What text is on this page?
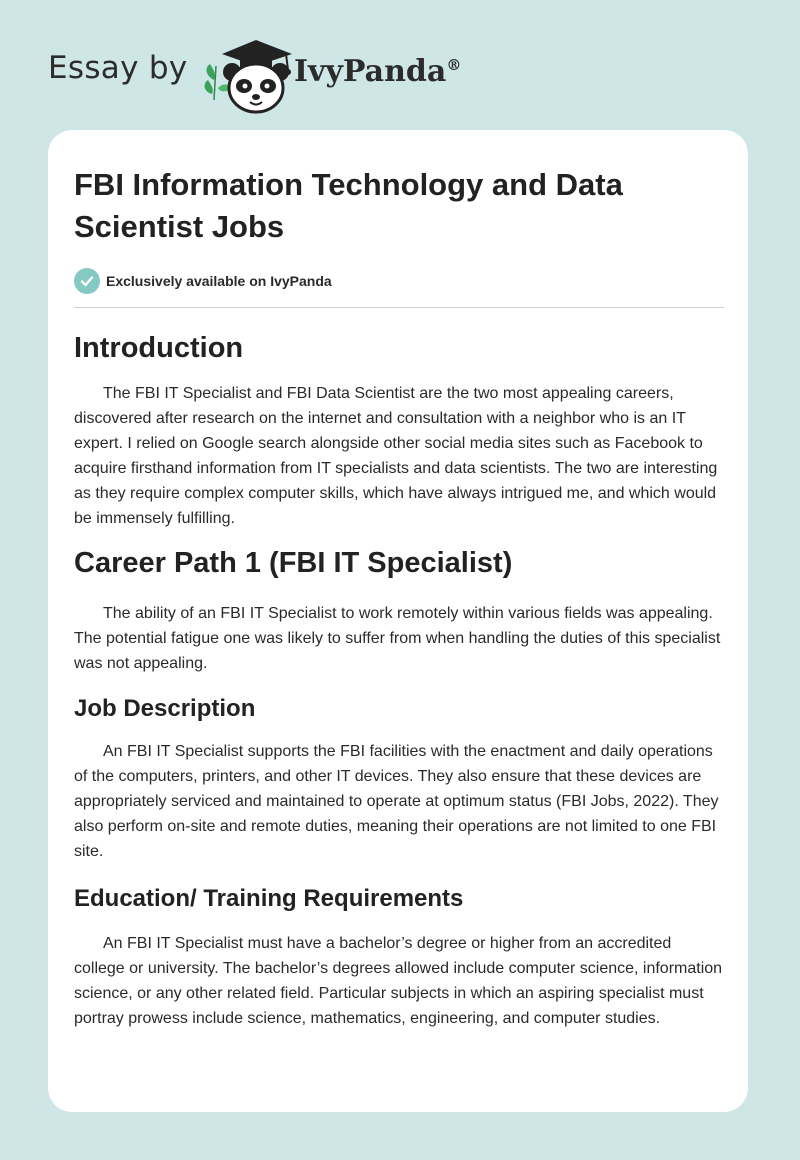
Essay by	IvyPanda®
FBI Information Technology and Data Scientist Jobs
Exclusively available on IvyPanda
Introduction

The FBI IT Specialist and FBI Data Scientist are the two most appealing careers, discovered after research on the internet and consultation with a neighbor who is an IT expert. I relied on Google search alongside other social media sites such as Facebook to acquire firsthand information from IT specialists and data scientists. The two are interesting as they require complex computer skills, which have always intrigued me, and which would be immensely fulfilling.

Career Path 1 (FBI IT Specialist)

The ability of an FBI IT Specialist to work remotely within various fields was appealing. The potential fatigue one was likely to suffer from when handling the duties of this specialist was not appealing.

Job Description

An FBI IT Specialist supports the FBI facilities with the enactment and daily operations of the computers, printers, and other IT devices. They also ensure that these devices are appropriately serviced and maintained to operate at optimum status (FBI Jobs, 2022). They also perform on-site and remote duties, meaning their operations are not limited to one FBI site.

Education/ Training Requirements

An FBI IT Specialist must have a bachelor’s degree or higher from an accredited college or university. The bachelor’s degrees allowed include computer science, information science, or any other related field. Particular subjects in which an aspiring specialist must portray prowess include science, mathematics, engineering, and computer studies.
